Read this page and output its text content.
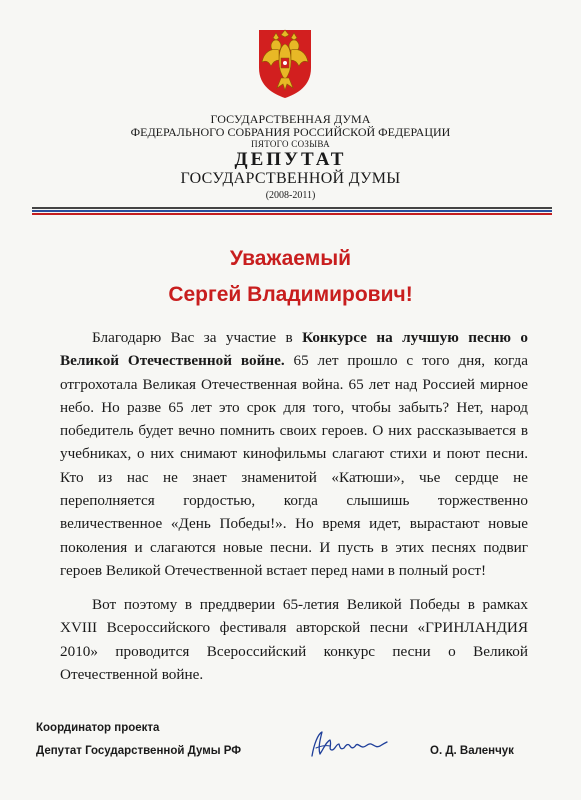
ГОСУДАРСТВЕННАЯ ДУМА
ФЕДЕРАЛЬНОГО СОБРАНИЯ РОССИЙСКОЙ ФЕДЕРАЦИИ
ПЯТОГО СОЗЫВА
ДЕПУТАТ
ГОСУДАРСТВЕННОЙ ДУМЫ
(2008-2011)
Уважаемый
Сергей Владимирович!

Благодарю Вас за участие в Конкурсе на лучшую песню о Великой Отечественной войне. 65 лет прошло с того дня, когда отгрохотала Великая Отечественная война. 65 лет над Россией мирное небо. Но разве 65 лет это срок для того, чтобы забыть? Нет, народ победитель будет вечно помнить своих героев. О них рассказывается в учебниках, о них снимают кинофильмы слагают стихи и поют песни. Кто из нас не знает знаменитой «Катюши», чье сердце не переполняется гордостью, когда слышишь торжественно величественное «День Победы!». Но время идет, вырастают новые поколения и слагаются новые песни. И пусть в этих песнях подвиг героев Великой Отечественной встает перед нами в полный рост!

Вот поэтому в преддверии 65-летия Великой Победы в рамках XVIII Всероссийского фестиваля авторской песни «ГРИНЛАНДИЯ 2010» проводится Всероссийский конкурс песни о Великой Отечественной войне.

Координатор проекта
Депутат Государственной Думы РФ	О. Д. Валенчук
